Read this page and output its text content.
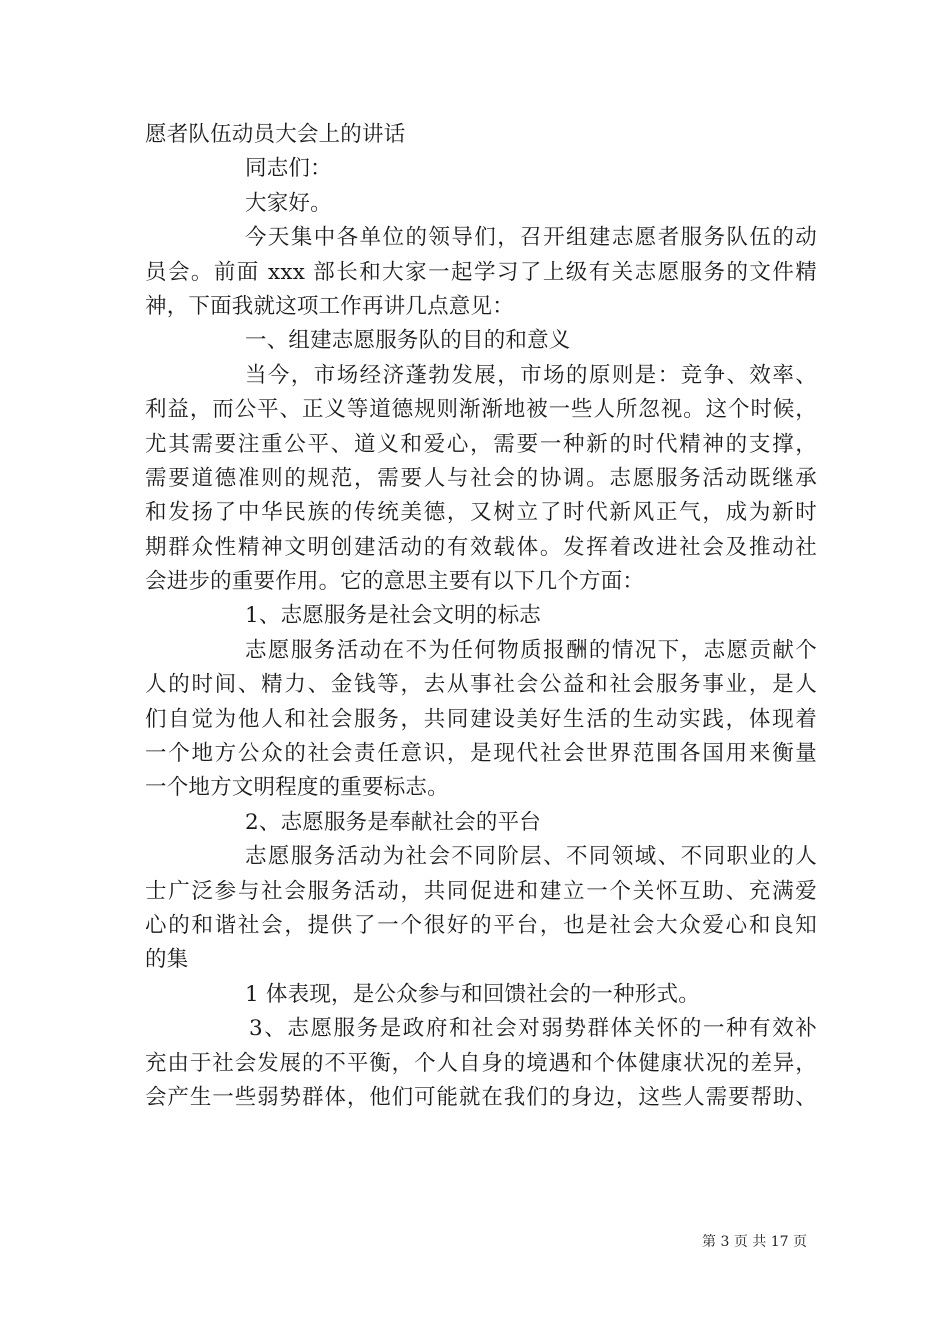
愿者队伍动员大会上的讲话
同志们：
大家好。
今天集中各单位的领导们，召开组建志愿者服务队伍的动
员会。前面 xxx 部长和大家一起学习了上级有关志愿服务的文件精
神，下面我就这项工作再讲几点意见：
一、组建志愿服务队的目的和意义
当今，市场经济蓬勃发展，市场的原则是：竞争、效率、
利益，而公平、正义等道德规则渐渐地被一些人所忽视。这个时候，
尤其需要注重公平、道义和爱心，需要一种新的时代精神的支撑，
需要道德准则的规范，需要人与社会的协调。志愿服务活动既继承
和发扬了中华民族的传统美德，又树立了时代新风正气，成为新时
期群众性精神文明创建活动的有效载体。发挥着改进社会及推动社
会进步的重要作用。它的意思主要有以下几个方面：
1、志愿服务是社会文明的标志
志愿服务活动在不为任何物质报酬的情况下，志愿贡献个
人的时间、精力、金钱等，去从事社会公益和社会服务事业，是人
们自觉为他人和社会服务，共同建设美好生活的生动实践，体现着
一个地方公众的社会责任意识，是现代社会世界范围各国用来衡量
一个地方文明程度的重要标志。
2、志愿服务是奉献社会的平台
志愿服务活动为社会不同阶层、不同领域、不同职业的人
士广泛参与社会服务活动，共同促进和建立一个关怀互助、充满爱
心的和谐社会，提供了一个很好的平台，也是社会大众爱心和良知
的集
1 体表现，是公众参与和回馈社会的一种形式。
3、志愿服务是政府和社会对弱势群体关怀的一种有效补
充由于社会发展的不平衡，个人自身的境遇和个体健康状况的差异，
会产生一些弱势群体，他们可能就在我们的身边，这些人需要帮助、
第 3 页 共 17 页
